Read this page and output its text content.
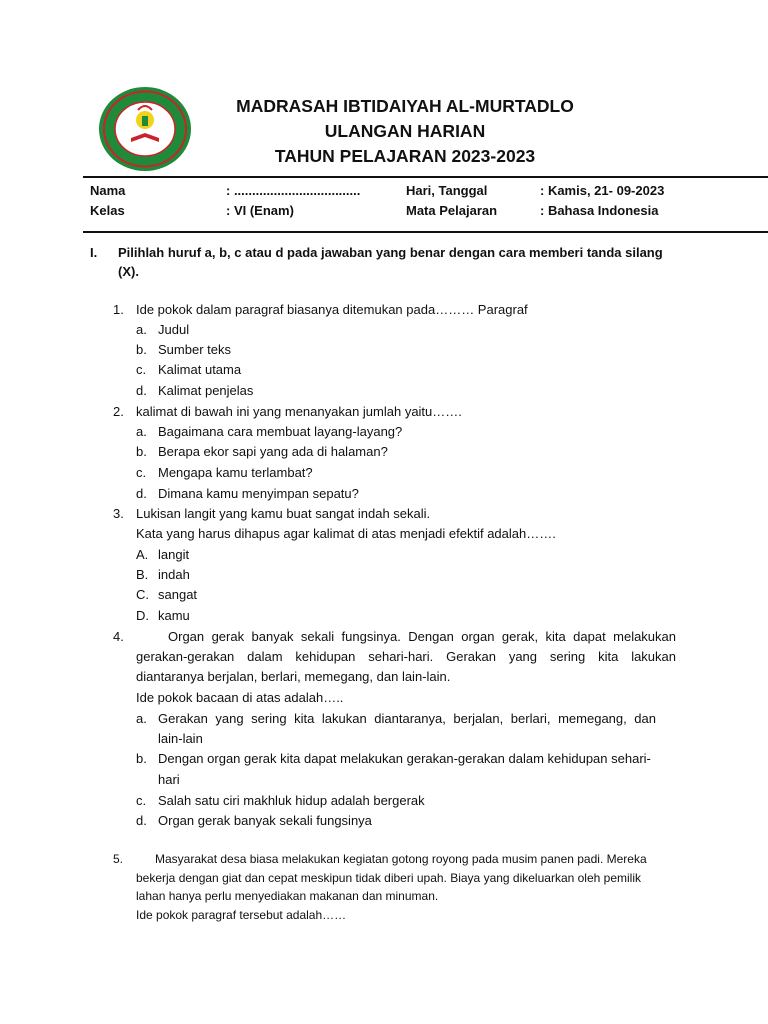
MADRASAH IBTIDAIYAH AL-MURTADLO
ULANGAN HARIAN
TAHUN PELAJARAN 2023-2023
Nama	: ...................................	Hari, Tanggal	: Kamis, 21- 09-2023
Kelas	: VI (Enam)	Mata Pelajaran	: Bahasa Indonesia
I. Pilihlah huruf a, b, c atau d pada jawaban yang benar dengan cara memberi tanda silang
(X).
1. Ide pokok dalam paragraf biasanya ditemukan pada……… Paragraf
a. Judul
b. Sumber teks
c. Kalimat utama
d. Kalimat penjelas
2. kalimat di bawah ini yang menanyakan jumlah yaitu…….
a. Bagaimana cara membuat layang-layang?
b. Berapa ekor sapi yang ada di halaman?
c. Mengapa kamu terlambat?
d. Dimana kamu menyimpan sepatu?
3. Lukisan langit yang kamu buat sangat indah sekali.
Kata yang harus dihapus agar kalimat di atas menjadi efektif adalah…….
A. langit
B. indah
C. sangat
D. kamu
4.	Organ gerak banyak sekali fungsinya. Dengan organ gerak, kita dapat melakukan
gerakan-gerakan dalam kehidupan sehari-hari. Gerakan yang sering kita lakukan
diantaranya berjalan, berlari, memegang, dan lain-lain.
Ide pokok bacaan di atas adalah…..
a. Gerakan yang sering kita lakukan diantaranya, berjalan, berlari, memegang, dan
lain-lain
b. Dengan organ gerak kita dapat melakukan gerakan-gerakan dalam kehidupan sehari-
hari
c. Salah satu ciri makhluk hidup adalah bergerak
d. Organ gerak banyak sekali fungsinya
5.	Masyarakat desa biasa melakukan kegiatan gotong royong pada musim panen padi. Mereka
bekerja dengan giat dan cepat meskipun tidak diberi upah. Biaya yang dikeluarkan oleh pemilik
lahan hanya perlu menyediakan makanan dan minuman.
Ide pokok paragraf tersebut adalah……
